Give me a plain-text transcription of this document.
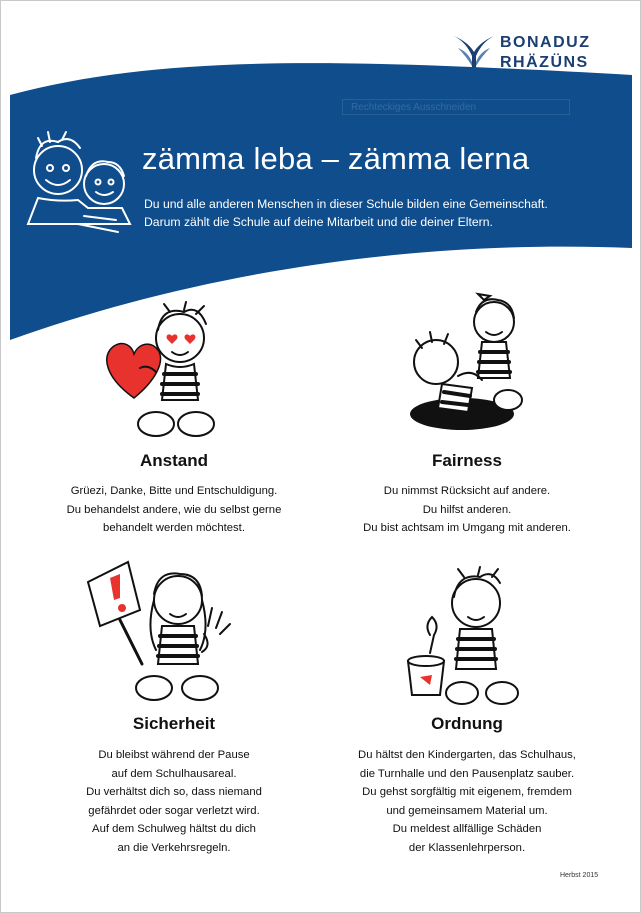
BONADUZ
RHÄZÜNS
Rechteckiges Ausschneiden
zämma leba – zämma lerna
Du und alle anderen Menschen in dieser Schule bilden eine Gemeinschaft.
Darum zählt die Schule auf deine Mitarbeit und die deiner Eltern.
Anstand
Grüezi, Danke, Bitte und Entschuldigung.
Du behandelst andere, wie du selbst gerne
behandelt werden möchtest.
Fairness
Du nimmst Rücksicht auf andere.
Du hilfst anderen.
Du bist achtsam im Umgang mit anderen.
Sicherheit
Du bleibst während der Pause
auf dem Schulhausareal.
Du verhältst dich so, dass niemand
gefährdet oder sogar verletzt wird.
Auf dem Schulweg hältst du dich
an die Verkehrsregeln.
Ordnung
Du hältst den Kindergarten, das Schulhaus,
die Turnhalle und den Pausenplatz sauber.
Du gehst sorgfältig mit eigenem, fremdem
und gemeinsamem Material um.
Du meldest allfällige Schäden
der Klassenlehrperson.
Herbst 2015
